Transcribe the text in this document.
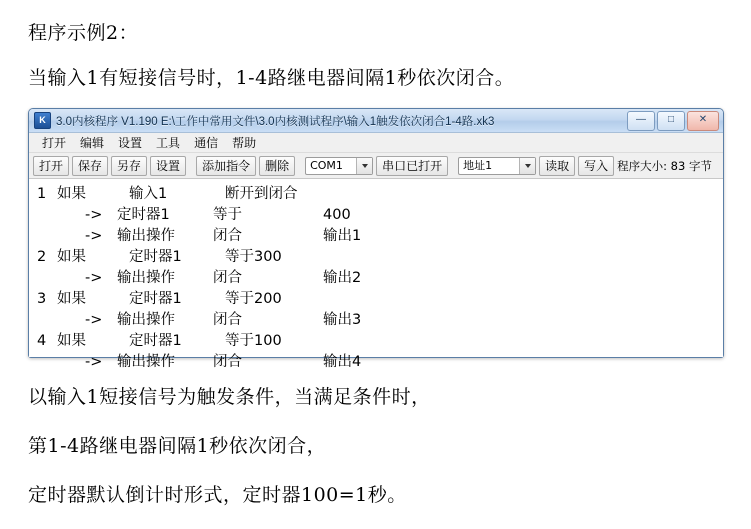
程序示例2：
当输入1有短接信号时，1-4路继电器间隔1秒依次闭合。
K 3.0内核程序 V1.190 E:\工作中常用文件\3.0内核测试程序\输入1触发依次闭合1-4路.xk3	—	□	✕
打开	编辑	设置	工具	通信	帮助
打开	保存	另存	设置	添加指令	删除	COM1	串口已打开	地址1	读取	写入 程序大小: 83 字节
1 如果	输入1	断开到闭合
->	定时器1	等于	400
->	输出操作	闭合	输出1
2 如果	定时器1	等于300
->	输出操作	闭合	输出2
3 如果	定时器1	等于200
->	输出操作	闭合	输出3
4 如果	定时器1	等于100
->	输出操作	闭合	输出4
以输入1短接信号为触发条件，当满足条件时，
第1-4路继电器间隔1秒依次闭合，
定时器默认倒计时形式，定时器100=1秒。
